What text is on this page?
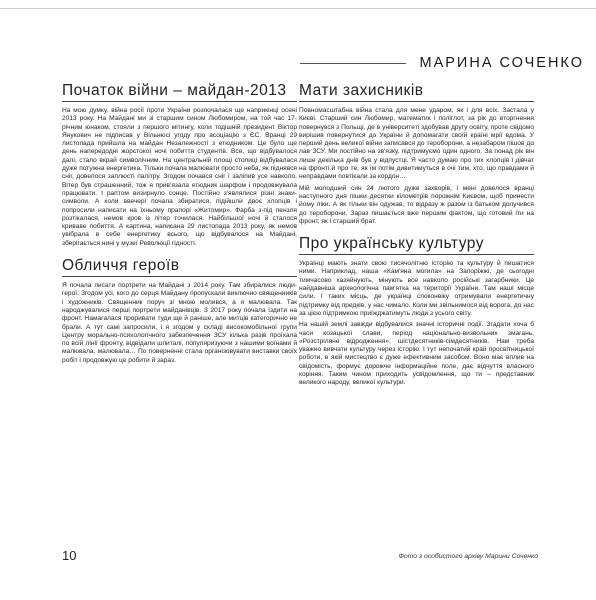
МАРИНА СОЧЕНКО
Початок війни – майдан-2013

На мою думку, війна росії проти України розпочалася ще наприкінці осені 2013 року. На Майдані ми зі старшим сином Любомиром, на той час 17-річним юнаком, стояли з першого мітингу, коли тодішній президент Віктор Янукович не підписав у Вільнюсі угоду про асоціацію з ЄС. Вранці 29 листопада прийшла на майдан Незалежності з етюдником. Це було ще день напередодні жорстокої ночі побиття студентів. Все, що відбувалося далі, стало вкрай символічним. На центральній площі столиці відбувалася дуже потужна енергетика. Тільки почала малювати просто неба, як піднявся сніг, довелося заплюсті палітру. Згодом почався сніг і заліпив усе навколо. Вітер був страшенний, тож я прив'язала етюдник шарфом і продовжувала працювати. І раптом визирнуло сонце. Постійно з'являлися різні знаки-символи. А коли ввечері почала збиратися, підійшли двоє хлопців і попросили написати на їхньому прапорі «Житомир». Фарба з-під пензля розтікалася, немов кров із літер точилася. Найбільшої ночі й сталося криваве побиття. А картина, написана 29 листопада 2013 року, як немов увібрала в себе енергетику всього, що відбувалося на Майдані, зберігається нині у музеї Революції гідності.

Обличчя героїв

Я почала писати портрети на Майдані з 2014 року. Там збиралися люди-герої. Згодом усі, кого до серця Майдану пропускали виключно священників і художників. Священник поруч зі мною молився, а я малювала. Так народжувалися перші портрети майданівців. З 2017 року почала їздити на фронт. Намагалася проривати туди ще й раніше, але митців категорично не брали. А тут самі запросили, і я згодом у складі високомобільної групи Центру морально-психологічного забезпечення ЗСУ кілька разів проїхала по всій лінії фронту, відвідали шпиталі, популяризуючи з нашими воїнами й малювала, малювала… По поверненні стала організовувати виставки своїх робіт і продовжую це робити й зараз.

Мати захисників

Повномасштабна війна стала для мене ударом, як і для всіх. Застала у Києві. Старший син Любомир, математик і поліглот, за рік до вторгнення повернувся з Польщі, де в університеті здобував другу освіту, проте свідомо вирішив повернутися до України й допомагати своїй країні мрії вдома. У перший день великої війни записався до тероборони, а незабаром пішов до лав ЗСУ. Ми постійно на зв'язку, підтримуємо один одного. За понад рік він лише декілька днів був у відпустці. Я часто думаю про тих хлопців і дівчат на фронті й про те, як їм потім дивитимуться в очі тим, хто, що правдами й неправдами повтікали за кордон…

Мій молодший син 24 лютого дуже захворів, і мені довелося вранці наступного дня пішки десятки кілометрів порожнім Києвом, щоб принести йому ліки. А як тільки він одужав, то відразу ж разом із батьком долучився до тероборони. Зараз пишається вже першим фактом, що готовий іти на фронт, як і старший брат.

Про українську культуру

Українці мають знати свою тисячолітню історію та культуру й пишатися ними. Наприклад, наша «Кам'яна могила» на Запоріжжі, де сьогодні тимчасово хазяйнують, мінують все навколо російські загарбники. Це найдавніша археологічна пам'ятка на території України. Там наші місце сили. І таких місць, де українці споконвіку отримували енергетичну підтримку від предків, у нас чимало. Коли ми звільнимося від ворога, до нас за цією підтримкою приїжджатимуть люди з усього світу.

На нашій землі завжди відбувалися значні історичні події. Згадати хоча б часи козацької слави, період національно-визвольних змагань, «Розстріляне відродження», шістдесятників-сімдесятників. Нам треба уважно вивчати культуру через історію. І тут непочатий край просвітницької роботи, в якій мистецтво є дуже ефективним засобом. Воно має вплив на свідомість, формує дорожче інформаційне поле, дає відчуття власного коріння. Таким чином приходить усвідомлення, що ти – представник великого народу, великої культури.

10	Фото з особистого архіву Марини Соченко
